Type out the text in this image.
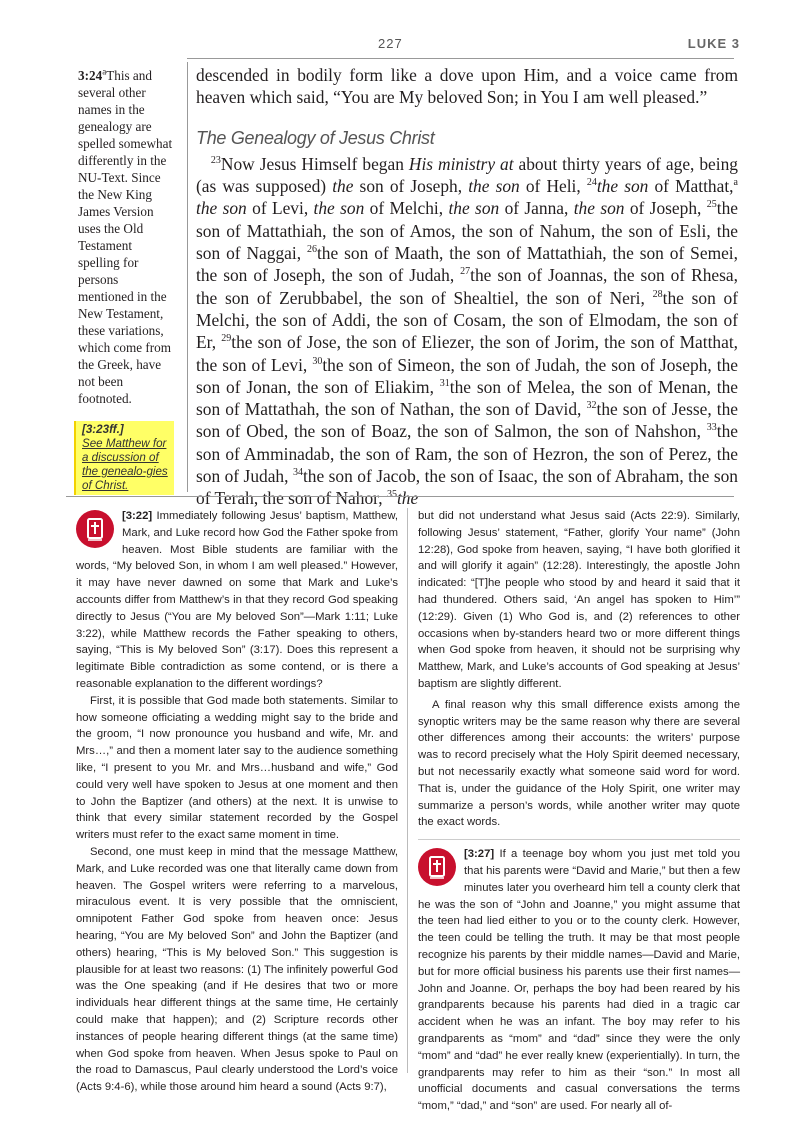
227	LUKE 3
3:24$^a$This and several other names in the genealogy are spelled somewhat differently in the NU-Text. Since the New King James Version uses the Old Testament spelling for persons mentioned in the New Testament, these variations, which come from the Greek, have not been footnoted.
[3:23ff.]
See Matthew for a discussion of the genealo-gies of Christ.

descended in bodily form like a dove upon Him, and a voice came from heaven which said, “You are My beloved Son; in You I am well pleased.”

The Genealogy of Jesus Christ

$^{23}$Now Jesus Himself began His ministry at about thirty years of age, being (as was supposed) the son of Joseph, the son of Heli, $^{24}$the son of Matthat,$^a$ the son of Levi, the son of Melchi, the son of Janna, the son of Joseph, $^{25}$the son of Mattathiah, the son of Amos, the son of Nahum, the son of Esli, the son of Naggai, $^{26}$the son of Maath, the son of Mattathiah, the son of Semei, the son of Joseph, the son of Judah, $^{27}$the son of Joannas, the son of Rhesa, the son of Zerubbabel, the son of Shealtiel, the son of Neri, $^{28}$the son of Melchi, the son of Addi, the son of Cosam, the son of Elmodam, the son of Er, $^{29}$the son of Jose, the son of Eliezer, the son of Jorim, the son of Matthat, the son of Levi, $^{30}$the son of Simeon, the son of Judah, the son of Joseph, the son of Jonan, the son of Eliakim, $^{31}$the son of Melea, the son of Menan, the son of Mattathah, the son of Nathan, the son of David, $^{32}$the son of Jesse, the son of Obed, the son of Boaz, the son of Salmon, the son of Nahshon, $^{33}$the son of Amminadab, the son of Ram, the son of Hezron, the son of Perez, the son of Judah, $^{34}$the son of Jacob, the son of Isaac, the son of Abraham, the son of Terah, the son of Nahor, $^{35}$the

[3:22] Immediately following Jesus’ baptism, Matthew, Mark, and Luke record how God the Father spoke from heaven. Most Bible students are familiar with the words, “My beloved Son, in whom I am well pleased.” However, it may have never dawned on some that Mark and Luke’s accounts differ from Matthew’s in that they record God speaking directly to Jesus (“You are My beloved Son”—Mark 1:11; Luke 3:22), while Matthew records the Father speaking to others, saying, “This is My beloved Son” (3:17). Does this represent a legitimate Bible contradiction as some contend, or is there a reasonable explanation to the different wordings?

First, it is possible that God made both statements. Similar to how someone officiating a wedding might say to the bride and the groom, “I now pronounce you husband and wife, Mr. and Mrs…,” and then a moment later say to the audience something like, “I present to you Mr. and Mrs…husband and wife,” God could very well have spoken to Jesus at one moment and then to John the Baptizer (and others) at the next. It is unwise to think that every similar statement recorded by the Gospel writers must refer to the exact same moment in time.

Second, one must keep in mind that the message Matthew, Mark, and Luke recorded was one that literally came down from heaven. The Gospel writers were referring to a marvelous, miraculous event. It is very possible that the omniscient, omnipotent Father God spoke from heaven once: Jesus hearing, “You are My beloved Son” and John the Baptizer (and others) hearing, “This is My beloved Son.” This suggestion is plausible for at least two reasons: (1) The infinitely powerful God was the One speaking (and if He desires that two or more individuals hear different things at the same time, He certainly could make that happen); and (2) Scripture records other instances of people hearing different things (at the same time) when God spoke from heaven. When Jesus spoke to Paul on the road to Damascus, Paul clearly understood the Lord’s voice (Acts 9:4-6), while those around him heard a sound (Acts 9:7),

but did not understand what Jesus said (Acts 22:9). Similarly, following Jesus’ statement, “Father, glorify Your name” (John 12:28), God spoke from heaven, saying, “I have both glorified it and will glorify it again” (12:28). Interestingly, the apostle John indicated: “[T]he people who stood by and heard it said that it had thundered. Others said, ‘An angel has spoken to Him’” (12:29). Given (1) Who God is, and (2) references to other occasions when by-standers heard two or more different things when God spoke from heaven, it should not be surprising why Matthew, Mark, and Luke’s accounts of God speaking at Jesus’ baptism are slightly different.

A final reason why this small difference exists among the synoptic writers may be the same reason why there are several other differences among their accounts: the writers’ purpose was to record precisely what the Holy Spirit deemed necessary, but not necessarily exactly what someone said word for word. That is, under the guidance of the Holy Spirit, one writer may summarize a person’s words, while another writer may quote the exact words.

[3:27] If a teenage boy whom you just met told you that his parents were “David and Marie,” but then a few minutes later you overheard him tell a county clerk that he was the son of “John and Joanne,” you might assume that the teen had lied either to you or to the county clerk. However, the teen could be telling the truth. It may be that most people recognize his parents by their middle names—David and Marie, but for more official business his parents use their first names—John and Joanne. Or, perhaps the boy had been reared by his grandparents because his parents had died in a tragic car accident when he was an infant. The boy may refer to his grandparents as “mom” and “dad” since they were the only “mom” and “dad” he ever really knew (experientially). In turn, the grandparents may refer to him as their “son.” In most all unofficial documents and casual conversations the terms “mom,” “dad,” and “son” are used. For nearly all of-
